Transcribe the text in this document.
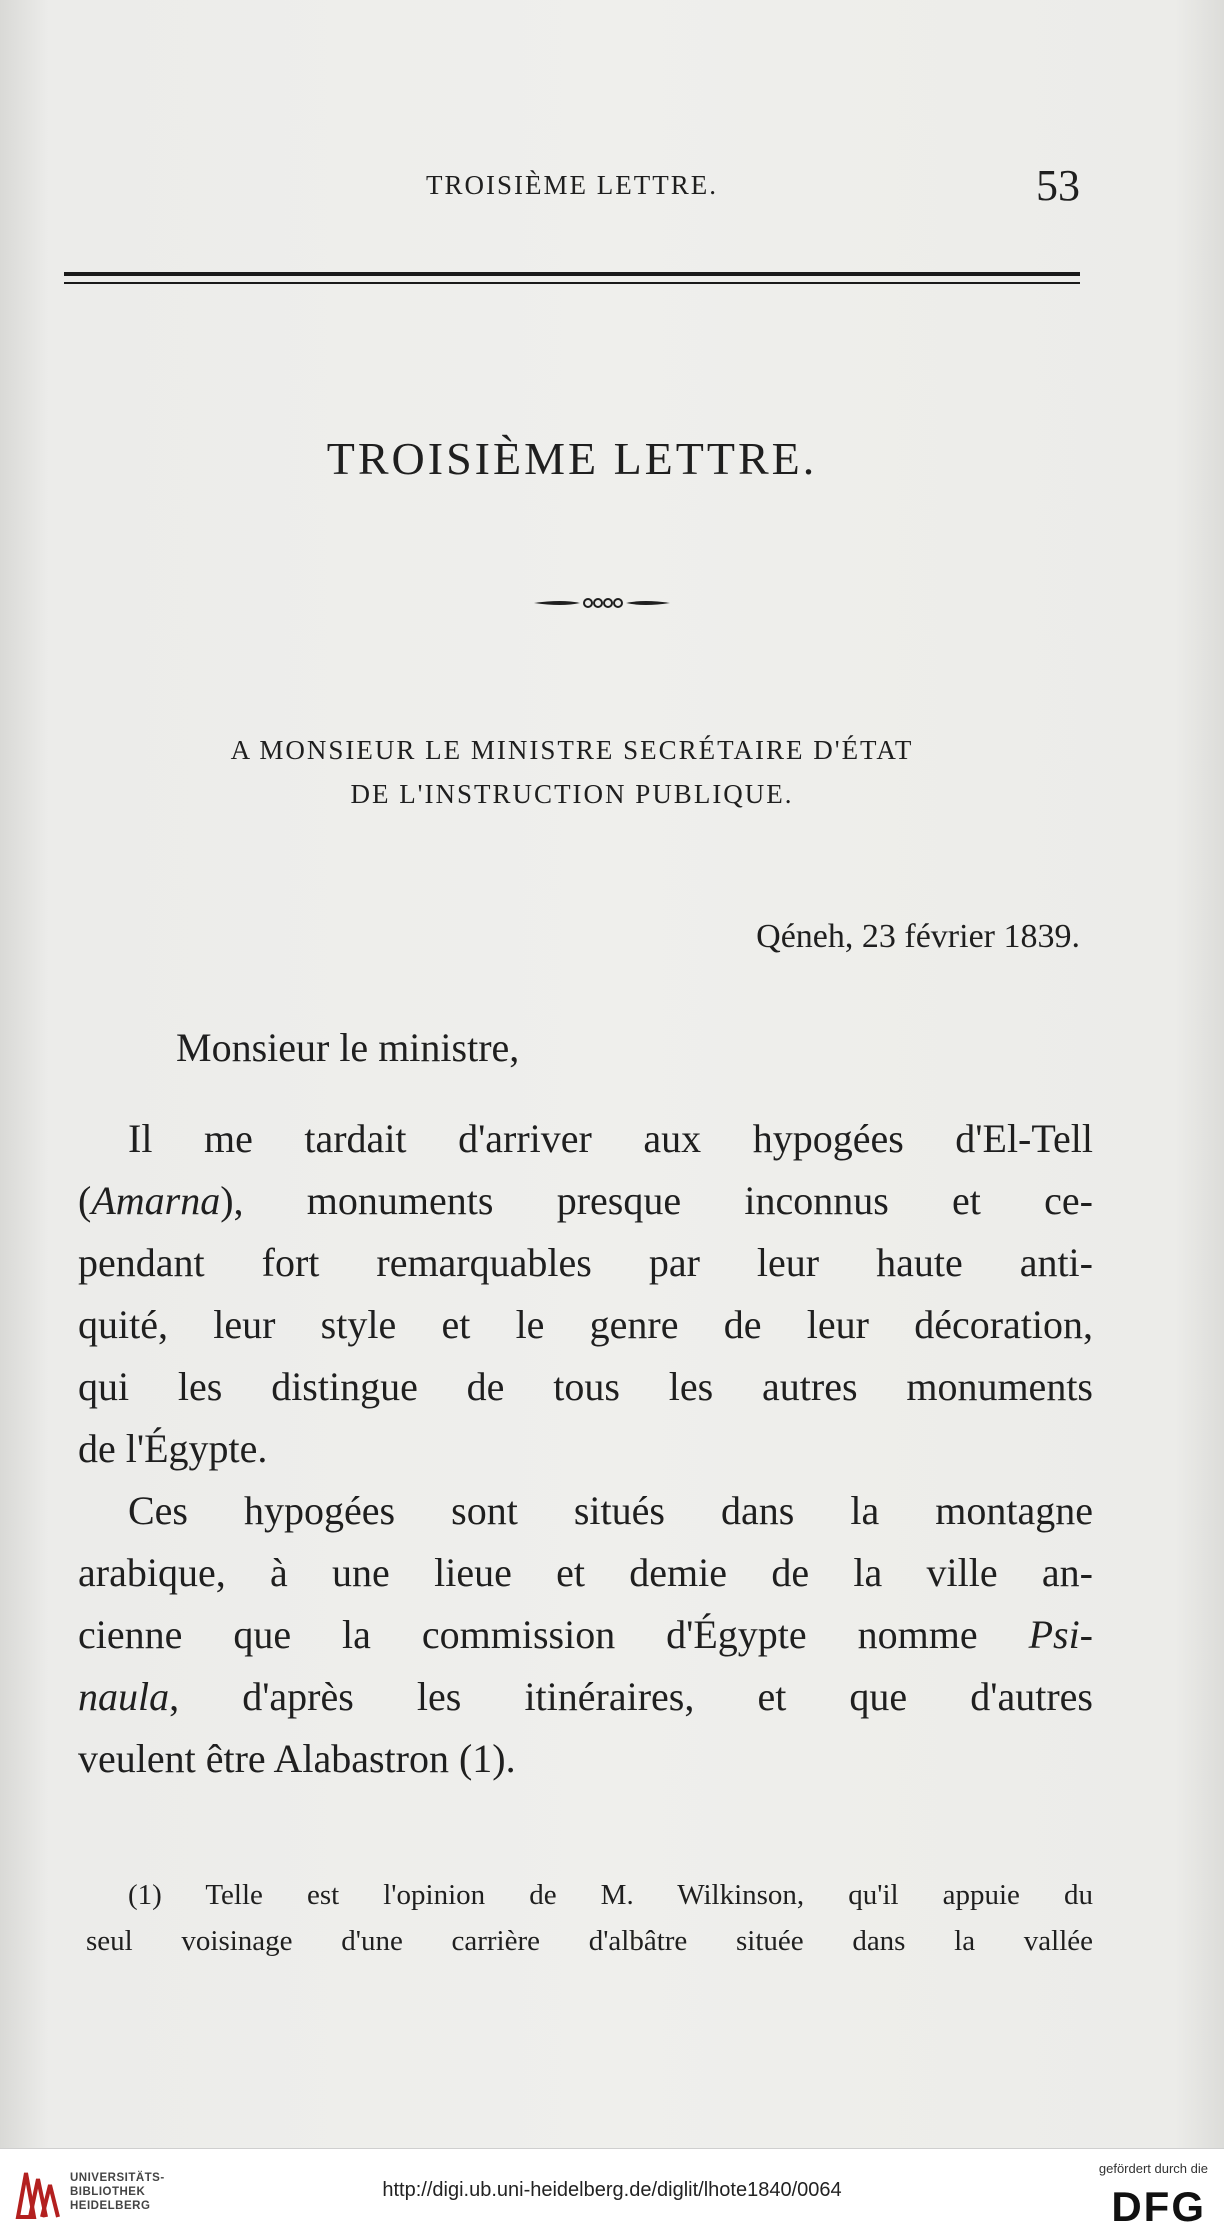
TROISIÈME LETTRE.	53
TROISIÈME LETTRE.
A MONSIEUR LE MINISTRE SECRÉTAIRE D'ÉTAT
DE L'INSTRUCTION PUBLIQUE.
Qéneh, 23 février 1839.
Monsieur le ministre,
Il me tardait d'arriver aux hypogées d'El-Tell
(Amarna), monuments presque inconnus et ce-
pendant fort remarquables par leur haute anti-
quité, leur style et le genre de leur décoration,
qui les distingue de tous les autres monuments
de l'Égypte.
Ces hypogées sont situés dans la montagne
arabique, à une lieue et demie de la ville an-
cienne que la commission d'Égypte nomme Psi-
naula, d'après les itinéraires, et que d'autres
veulent être Alabastron (1).
(1) Telle est l'opinion de M. Wilkinson, qu'il appuie du
seul voisinage d'une carrière d'albâtre située dans la vallée
UNIVERSITÄTS-
BIBLIOTHEK
HEIDELBERG
http://digi.ub.uni-heidelberg.de/diglit/lhote1840/0064
gefördert durch die
DFG
